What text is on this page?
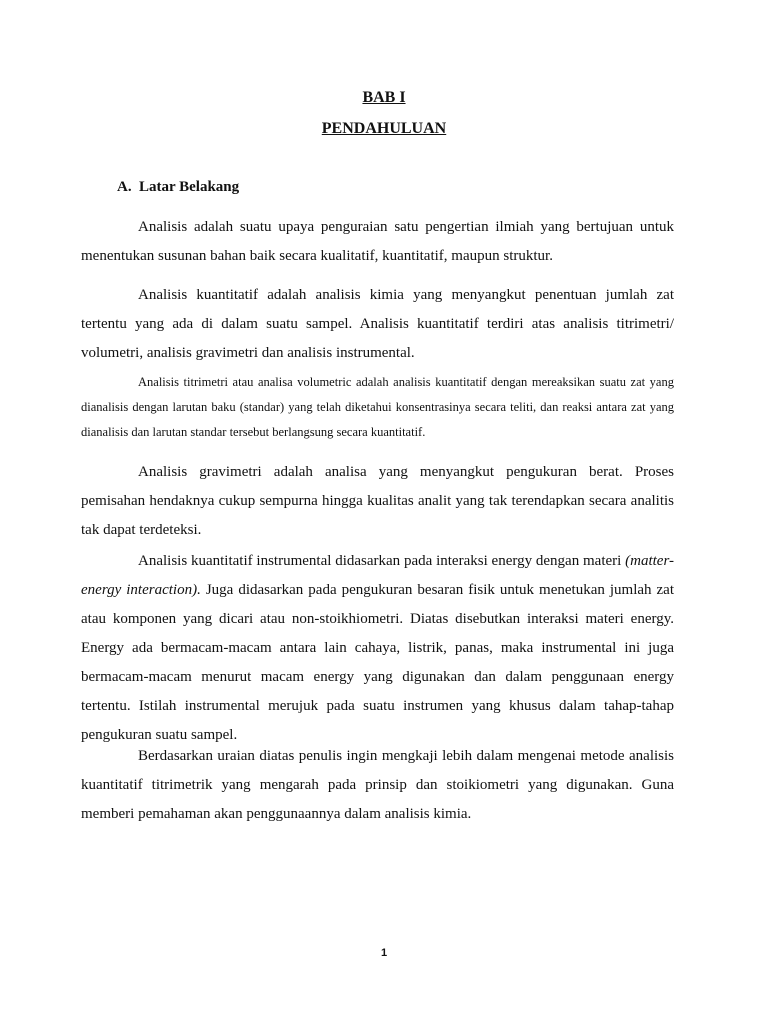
BAB I
PENDAHULUAN
A. Latar Belakang

Analisis adalah suatu upaya penguraian satu pengertian ilmiah yang bertujuan untuk menentukan susunan bahan baik secara kualitatif, kuantitatif, maupun struktur.

Analisis kuantitatif adalah analisis kimia yang menyangkut penentuan jumlah zat tertentu yang ada di dalam suatu sampel. Analisis kuantitatif terdiri atas analisis titrimetri/ volumetri, analisis gravimetri dan analisis instrumental.

Analisis titrimetri atau analisa volumetric adalah analisis kuantitatif dengan mereaksikan suatu zat yang dianalisis dengan larutan baku (standar) yang telah diketahui konsentrasinya secara teliti, dan reaksi antara zat yang dianalisis dan larutan standar tersebut berlangsung secara kuantitatif.

Analisis gravimetri adalah analisa yang menyangkut pengukuran berat. Proses pemisahan hendaknya cukup sempurna hingga kualitas analit yang tak terendapkan secara analitis tak dapat terdeteksi.

Analisis kuantitatif instrumental didasarkan pada interaksi energy dengan materi (matter- energy interaction). Juga didasarkan pada pengukuran besaran fisik untuk menetukan jumlah zat atau komponen yang dicari atau non-stoikhiometri. Diatas disebutkan interaksi materi energy. Energy ada bermacam-macam antara lain cahaya, listrik, panas, maka instrumental ini juga bermacam-macam menurut macam energy yang digunakan dan dalam penggunaan energy tertentu. Istilah instrumental merujuk pada suatu instrumen yang khusus dalam tahap-tahap pengukuran suatu sampel.

Berdasarkan uraian diatas penulis ingin mengkaji lebih dalam mengenai metode analisis kuantitatif titrimetrik yang mengarah pada prinsip dan stoikiometri yang digunakan. Guna memberi pemahaman akan penggunaannya dalam analisis kimia.

1
